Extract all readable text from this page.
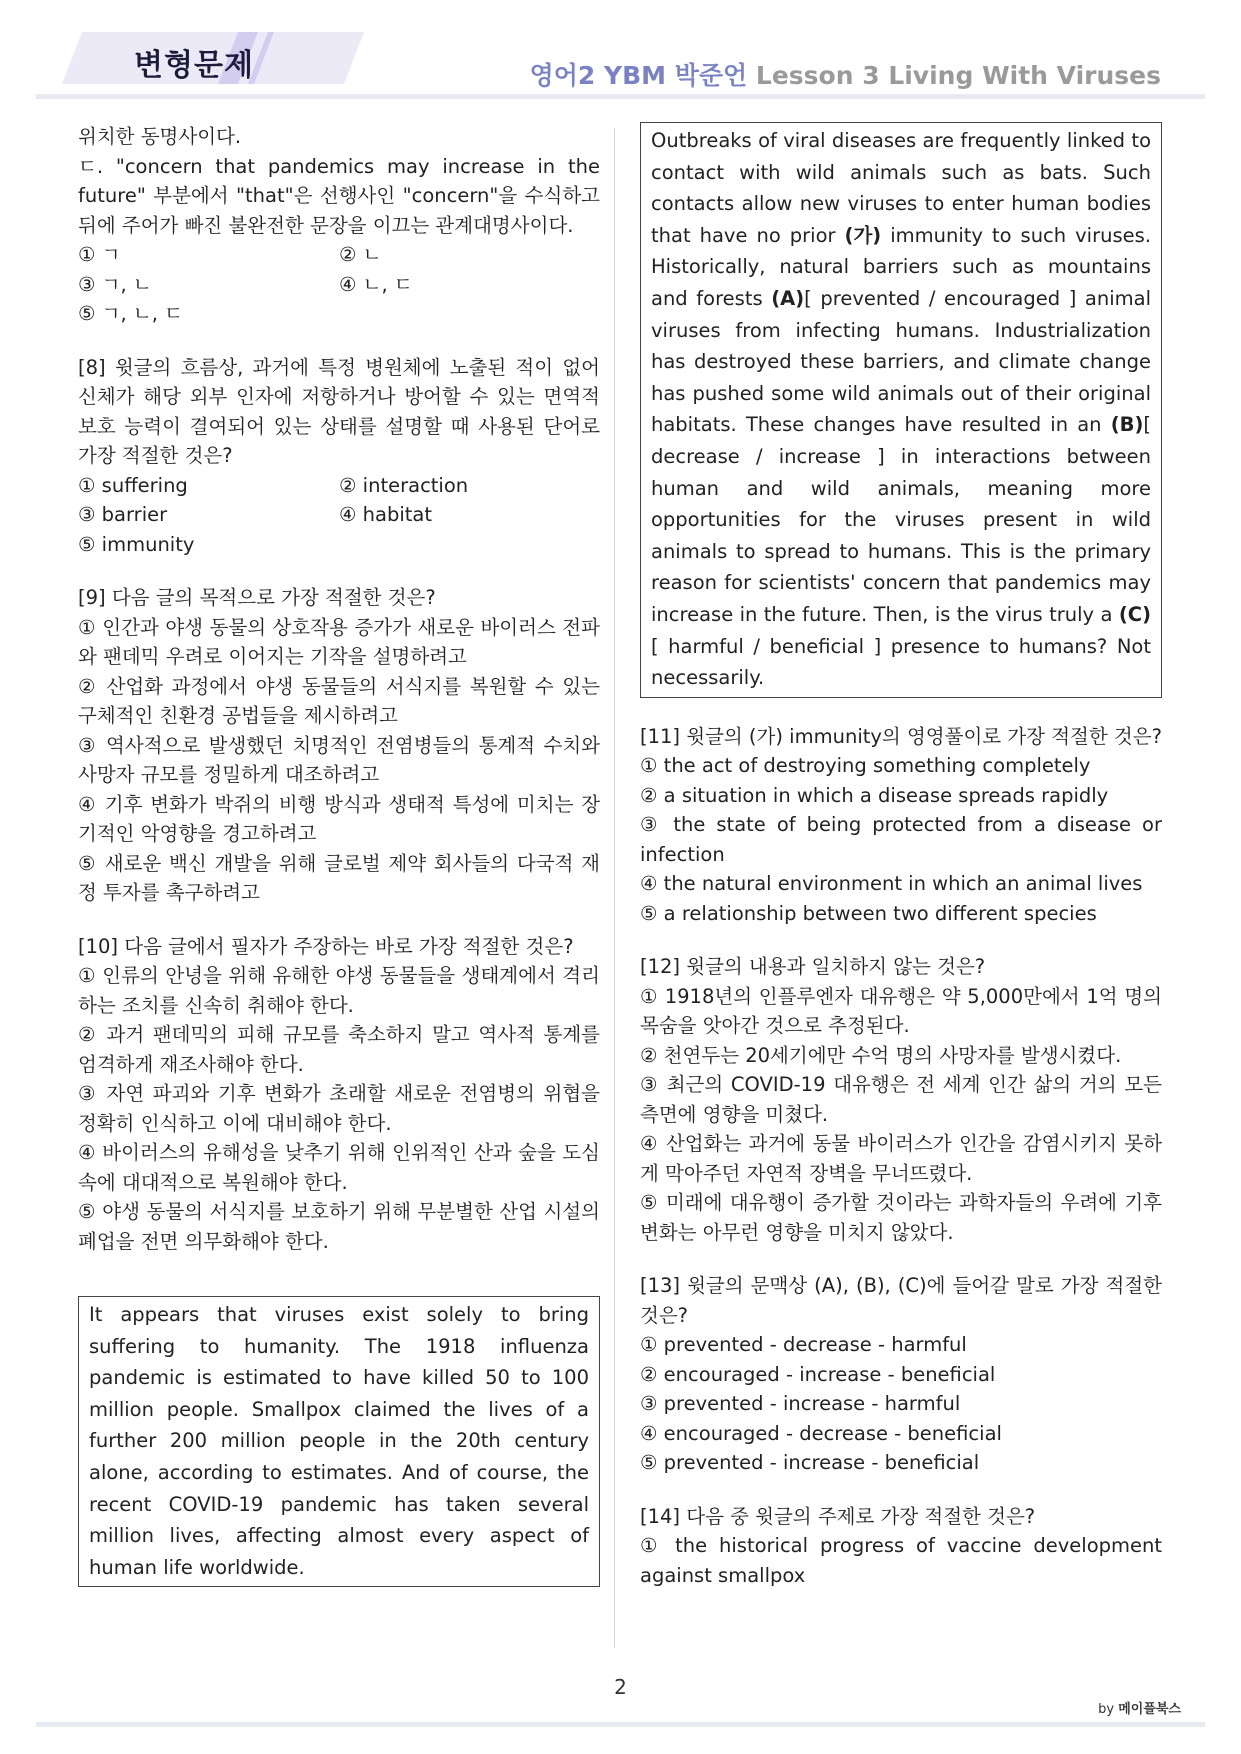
변형문제	영어2 YBM 박준언 Lesson 3 Living With Viruses
위치한 동명사이다.
ㄷ. "concern that pandemics may increase in the future" 부분에서 "that"은 선행사인 "concern"을 수식하고 뒤에 주어가 빠진 불완전한 문장을 이끄는 관계대명사이다.
① ㄱ	② ㄴ
③ ㄱ, ㄴ	④ ㄴ, ㄷ
⑤ ㄱ, ㄴ, ㄷ
[8] 윗글의 흐름상, 과거에 특정 병원체에 노출된 적이 없어 신체가 해당 외부 인자에 저항하거나 방어할 수 있는 면역적 보호 능력이 결여되어 있는 상태를 설명할 때 사용된 단어로 가장 적절한 것은?
① suffering	② interaction
③ barrier	④ habitat
⑤ immunity
[9] 다음 글의 목적으로 가장 적절한 것은?
① 인간과 야생 동물의 상호작용 증가가 새로운 바이러스 전파와 팬데믹 우려로 이어지는 기작을 설명하려고
② 산업화 과정에서 야생 동물들의 서식지를 복원할 수 있는 구체적인 친환경 공법들을 제시하려고
③ 역사적으로 발생했던 치명적인 전염병들의 통계적 수치와 사망자 규모를 정밀하게 대조하려고
④ 기후 변화가 박쥐의 비행 방식과 생태적 특성에 미치는 장기적인 악영향을 경고하려고
⑤ 새로운 백신 개발을 위해 글로벌 제약 회사들의 다국적 재정 투자를 촉구하려고
[10] 다음 글에서 필자가 주장하는 바로 가장 적절한 것은?
① 인류의 안녕을 위해 유해한 야생 동물들을 생태계에서 격리하는 조치를 신속히 취해야 한다.
② 과거 팬데믹의 피해 규모를 축소하지 말고 역사적 통계를 엄격하게 재조사해야 한다.
③ 자연 파괴와 기후 변화가 초래할 새로운 전염병의 위협을 정확히 인식하고 이에 대비해야 한다.
④ 바이러스의 유해성을 낮추기 위해 인위적인 산과 숲을 도심 속에 대대적으로 복원해야 한다.
⑤ 야생 동물의 서식지를 보호하기 위해 무분별한 산업 시설의 폐업을 전면 의무화해야 한다.
It appears that viruses exist solely to bring suffering to humanity. The 1918 influenza pandemic is estimated to have killed 50 to 100 million people. Smallpox claimed the lives of a further 200 million people in the 20th century alone, according to estimates. And of course, the recent COVID-19 pandemic has taken several million lives, affecting almost every aspect of human life worldwide.
Outbreaks of viral diseases are frequently linked to contact with wild animals such as bats. Such contacts allow new viruses to enter human bodies that have no prior (가) immunity to such viruses. Historically, natural barriers such as mountains and forests (A)[ prevented / encouraged ] animal viruses from infecting humans. Industrialization has destroyed these barriers, and climate change has pushed some wild animals out of their original habitats. These changes have resulted in an (B)[ decrease / increase ] in interactions between human and wild animals, meaning more opportunities for the viruses present in wild animals to spread to humans. This is the primary reason for scientists' concern that pandemics may increase in the future. Then, is the virus truly a (C)[ harmful / beneficial ] presence to humans? Not necessarily.
[11] 윗글의 (가) immunity의 영영풀이로 가장 적절한 것은?
① the act of destroying something completely
② a situation in which a disease spreads rapidly
③ the state of being protected from a disease or infection
④ the natural environment in which an animal lives
⑤ a relationship between two different species
[12] 윗글의 내용과 일치하지 않는 것은?
① 1918년의 인플루엔자 대유행은 약 5,000만에서 1억 명의 목숨을 앗아간 것으로 추정된다.
② 천연두는 20세기에만 수억 명의 사망자를 발생시켰다.
③ 최근의 COVID-19 대유행은 전 세계 인간 삶의 거의 모든 측면에 영향을 미쳤다.
④ 산업화는 과거에 동물 바이러스가 인간을 감염시키지 못하게 막아주던 자연적 장벽을 무너뜨렸다.
⑤ 미래에 대유행이 증가할 것이라는 과학자들의 우려에 기후 변화는 아무런 영향을 미치지 않았다.
[13] 윗글의 문맥상 (A), (B), (C)에 들어갈 말로 가장 적절한 것은?
① prevented - decrease - harmful
② encouraged - increase - beneficial
③ prevented - increase - harmful
④ encouraged - decrease - beneficial
⑤ prevented - increase - beneficial
[14] 다음 중 윗글의 주제로 가장 적절한 것은?
① the historical progress of vaccine development against smallpox
2
by 메이플북스
